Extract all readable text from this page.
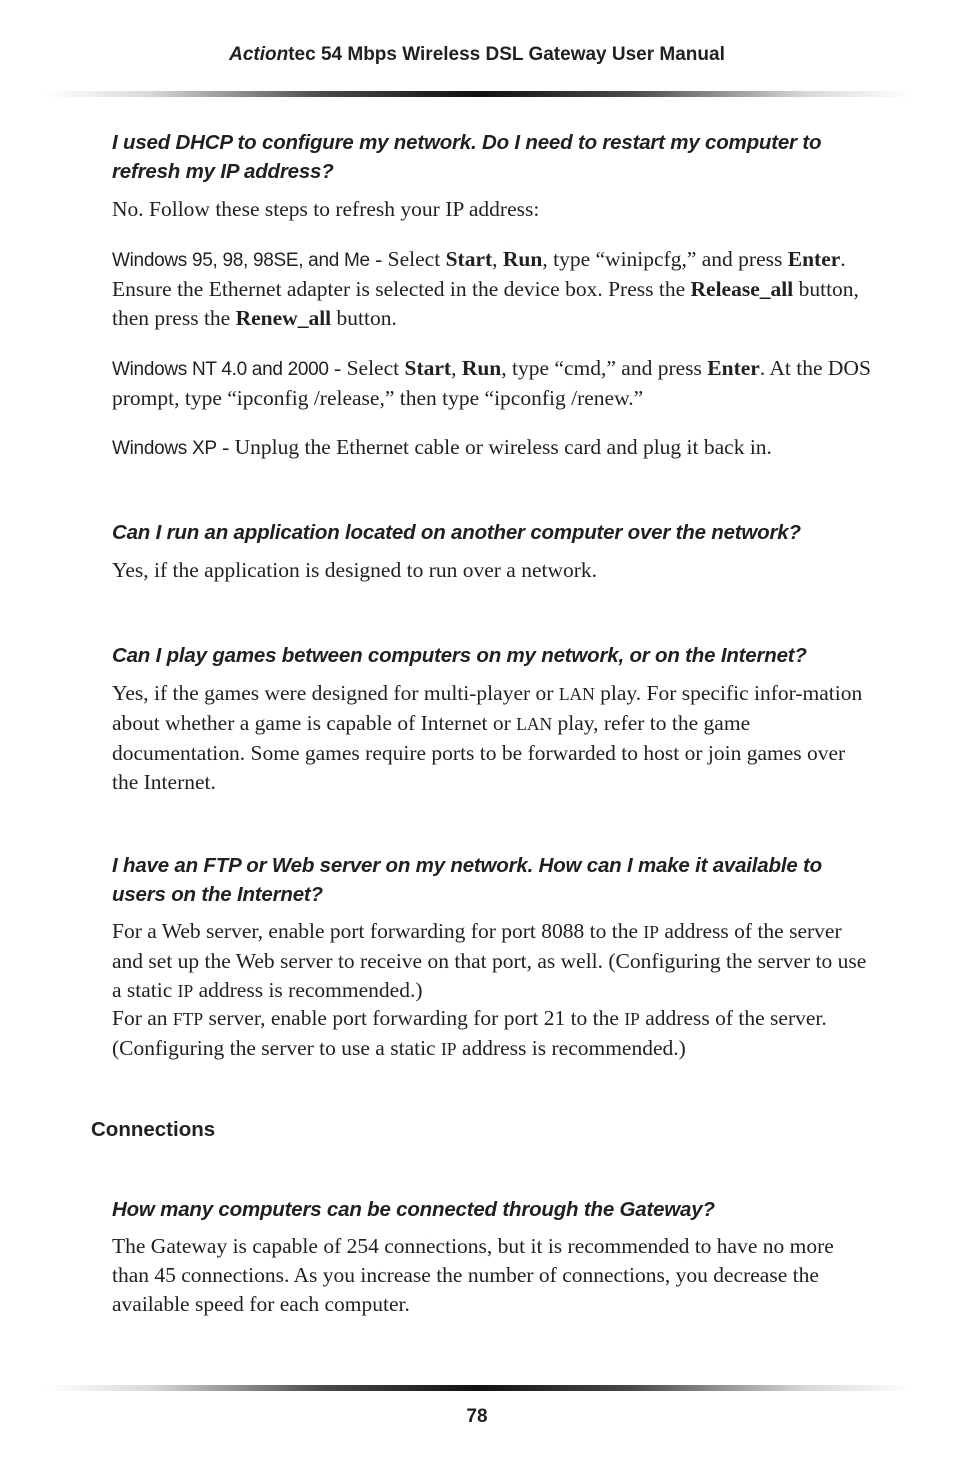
Actiontec 54 Mbps Wireless DSL Gateway User Manual
I used DHCP to configure my network. Do I need to restart my computer to refresh my IP address?
No. Follow these steps to refresh your IP address:
Windows 95, 98, 98SE, and Me - Select Start, Run, type “winipcfg,” and press Enter. Ensure the Ethernet adapter is selected in the device box. Press the Release_all button, then press the Renew_all button.
Windows NT 4.0 and 2000 - Select Start, Run, type “cmd,” and press Enter. At the DOS prompt, type “ipconfig /release,” then type “ipconfig /renew.”
Windows XP - Unplug the Ethernet cable or wireless card and plug it back in.
Can I run an application located on another computer over the network?
Yes, if the application is designed to run over a network.
Can I play games between computers on my network, or on the Internet?
Yes, if the games were designed for multi-player or LAN play. For specific infor-mation about whether a game is capable of Internet or LAN play, refer to the game documentation. Some games require ports to be forwarded to host or join games over the Internet.
I have an FTP or Web server on my network. How can I make it available to users on the Internet?
For a Web server, enable port forwarding for port 8088 to the IP address of the server and set up the Web server to receive on that port, as well. (Configuring the server to use a static IP address is recommended.)
For an FTP server, enable port forwarding for port 21 to the IP address of the server. (Configuring the server to use a static IP address is recommended.)
Connections
How many computers can be connected through the Gateway?
The Gateway is capable of 254 connections, but it is recommended to have no more than 45 connections. As you increase the number of connections, you decrease the available speed for each computer.
78
